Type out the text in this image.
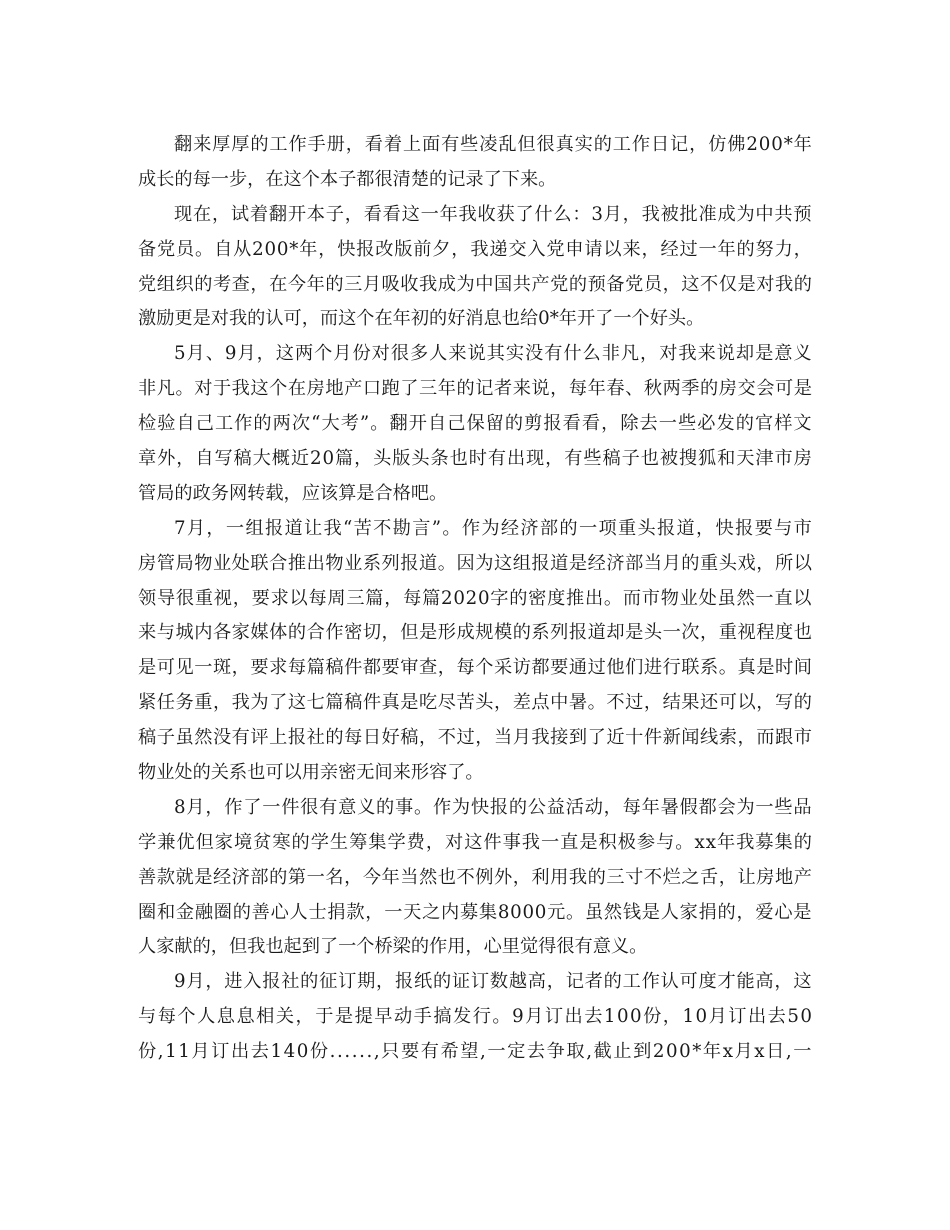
翻 来 厚 厚 的 工 作 手 册 ， 看 着 上 面 有 些 凌 乱 但 很 真 实 的 工 作 日 记 ， 仿 佛 2 0 0 * 年
成长的每一步，在这个本子都很清楚的记录了下来。
现 在 ， 试 着 翻 开 本 子 ， 看 看 这 一 年 我 收 获 了 什 么 ： 3 月 ， 我 被 批 准 成 为 中 共 预
备 党 员 。 自 从 2 0 0 * 年 ， 快 报 改 版 前 夕 ， 我 递 交 入 党 申 请 以 来 ， 经 过 一 年 的 努 力 ，
党 组 织 的 考 查 ， 在 今 年 的 三 月 吸 收 我 成 为 中 国 共 产 党 的 预 备 党 员 ， 这 不 仅 是 对 我 的
激励更是对我的认可，而这个在年初的好消息也给0*年开了一个好头。
5 月 、 9 月 ， 这 两 个 月 份 对 很 多 人 来 说 其 实 没 有 什 么 非 凡 ， 对 我 来 说 却 是 意 义
非 凡 。 对 于 我 这 个 在 房 地 产 口 跑 了 三 年 的 记 者 来 说 ， 每 年 春 、 秋 两 季 的 房 交 会 可 是
检 验 自 己 工 作 的 两 次 “ 大 考 ” 。 翻 开 自 己 保 留 的 剪 报 看 看 ， 除 去 一 些 必 发 的 官 样 文
章 外 ， 自 写 稿 大 概 近 2 0 篇 ， 头 版 头 条 也 时 有 出 现 ， 有 些 稿 子 也 被 搜 狐 和 天 津 市 房
管局的政务网转载，应该算是合格吧。
7 月 ， 一 组 报 道 让 我 “ 苦 不 勘 言 ” 。 作 为 经 济 部 的 一 项 重 头 报 道 ， 快 报 要 与 市
房 管 局 物 业 处 联 合 推 出 物 业 系 列 报 道 。 因 为 这 组 报 道 是 经 济 部 当 月 的 重 头 戏 ， 所 以
领 导 很 重 视 ， 要 求 以 每 周 三 篇 ， 每 篇 2 0 2 0 字 的 密 度 推 出 。 而 市 物 业 处 虽 然 一 直 以
来 与 城 内 各 家 媒 体 的 合 作 密 切 ， 但 是 形 成 规 模 的 系 列 报 道 却 是 头 一 次 ， 重 视 程 度 也
是 可 见 一 斑 ， 要 求 每 篇 稿 件 都 要 审 查 ， 每 个 采 访 都 要 通 过 他 们 进 行 联 系 。 真 是 时 间
紧 任 务 重 ， 我 为 了 这 七 篇 稿 件 真 是 吃 尽 苦 头 ， 差 点 中 暑 。 不 过 ， 结 果 还 可 以 ， 写 的
稿 子 虽 然 没 有 评 上 报 社 的 每 日 好 稿 ， 不 过 ， 当 月 我 接 到 了 近 十 件 新 闻 线 索 ， 而 跟 市
物业处的关系也可以用亲密无间来形容了。
8 月 ， 作 了 一 件 很 有 意 义 的 事 。 作 为 快 报 的 公 益 活 动 ， 每 年 暑 假 都 会 为 一 些 品
学 兼 优 但 家 境 贫 寒 的 学 生 筹 集 学 费 ， 对 这 件 事 我 一 直 是 积 极 参 与 。 x x 年 我 募 集 的
善 款 就 是 经 济 部 的 第 一 名 ， 今 年 当 然 也 不 例 外 ， 利 用 我 的 三 寸 不 烂 之 舌 ， 让 房 地 产
圈 和 金 融 圈 的 善 心 人 士 捐 款 ， 一 天 之 内 募 集 8 0 0 0 元 。 虽 然 钱 是 人 家 捐 的 ， 爱 心 是
人家献的，但我也起到了一个桥梁的作用，心里觉得很有意义。
9 月 ， 进 入 报 社 的 征 订 期 ， 报 纸 的 证 订 数 越 高 ， 记 者 的 工 作 认 可 度 才 能 高 ， 这
与 每 个 人 息 息 相 关 ， 于 是 提 早 动 手 搞 发 行 。 9 月 订 出 去 1 0 0 份 ， 1 0 月 订 出 去 5 0
份 , 1 1 月 订 出 去 1 4 0 份 . . . . . . , 只 要 有 希 望 , 一 定 去 争 取 , 截 止 到 2 0 0 * 年 x 月 x 日 , 一
